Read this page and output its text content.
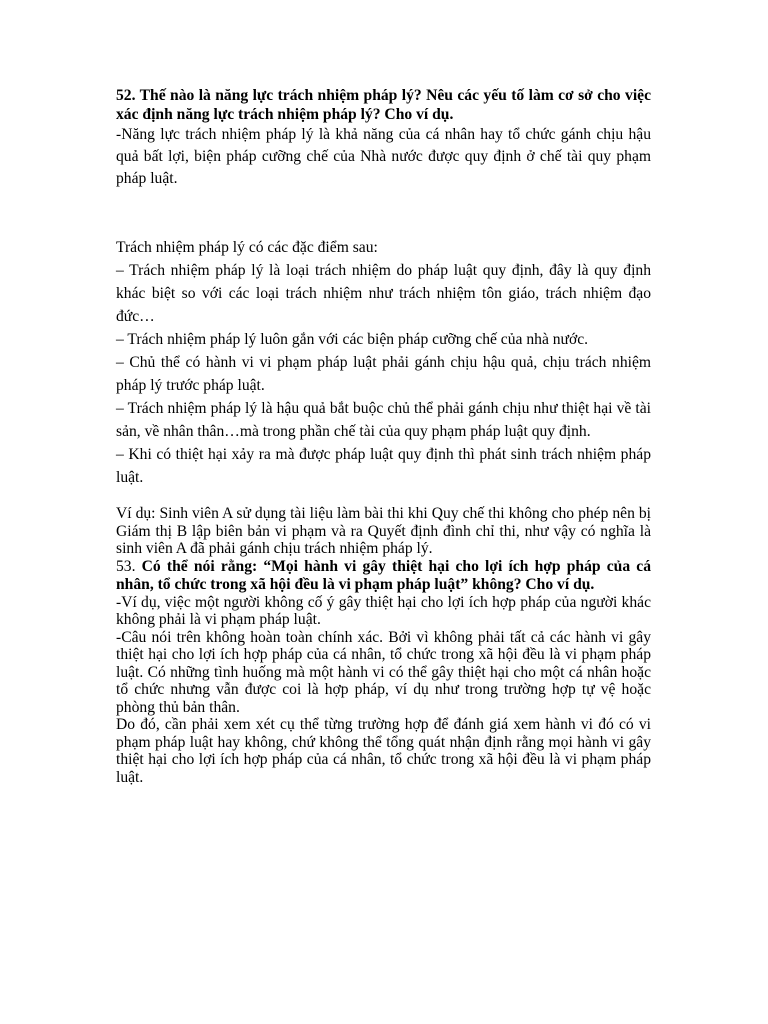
52. Thế nào là năng lực trách nhiệm pháp lý? Nêu các yếu tố làm cơ sở cho việc xác định năng lực trách nhiệm pháp lý? Cho ví dụ.

-Năng lực trách nhiệm pháp lý là khả năng của cá nhân hay tổ chức gánh chịu hậu quả bất lợi, biện pháp cưỡng chế của Nhà nước được quy định ở chế tài quy phạm pháp luật.

Trách nhiệm pháp lý có các đặc điểm sau:

– Trách nhiệm pháp lý là loại trách nhiệm do pháp luật quy định, đây là quy định khác biệt so với các loại trách nhiệm như trách nhiệm tôn giáo, trách nhiệm đạo đức…

– Trách nhiệm pháp lý luôn gắn với các biện pháp cưỡng chế của nhà nước.

– Chủ thể có hành vi vi phạm pháp luật phải gánh chịu hậu quả, chịu trách nhiệm pháp lý trước pháp luật.

– Trách nhiệm pháp lý là hậu quả bắt buộc chủ thể phải gánh chịu như thiệt hại về tài sản, về nhân thân…mà trong phần chế tài của quy phạm pháp luật quy định.

– Khi có thiệt hại xảy ra mà được pháp luật quy định thì phát sinh trách nhiệm pháp luật.

Ví dụ: Sinh viên A sử dụng tài liệu làm bài thi khi Quy chế thi không cho phép nên bị Giám thị B lập biên bản vi phạm và ra Quyết định đình chỉ thi, như vậy có nghĩa là sinh viên A đã phải gánh chịu trách nhiệm pháp lý.

53. Có thể nói rằng: “Mọi hành vi gây thiệt hại cho lợi ích hợp pháp của cá nhân, tổ chức trong xã hội đều là vi phạm pháp luật” không? Cho ví dụ.

-Ví dụ, việc một người không cố ý gây thiệt hại cho lợi ích hợp pháp của người khác không phải là vi phạm pháp luật.

-Câu nói trên không hoàn toàn chính xác. Bởi vì không phải tất cả các hành vi gây thiệt hại cho lợi ích hợp pháp của cá nhân, tổ chức trong xã hội đều là vi phạm pháp luật. Có những tình huống mà một hành vi có thể gây thiệt hại cho một cá nhân hoặc tổ chức nhưng vẫn được coi là hợp pháp, ví dụ như trong trường hợp tự vệ hoặc phòng thủ bản thân.

Do đó, cần phải xem xét cụ thể từng trường hợp để đánh giá xem hành vi đó có vi phạm pháp luật hay không, chứ không thể tổng quát nhận định rằng mọi hành vi gây thiệt hại cho lợi ích hợp pháp của cá nhân, tổ chức trong xã hội đều là vi phạm pháp luật.
